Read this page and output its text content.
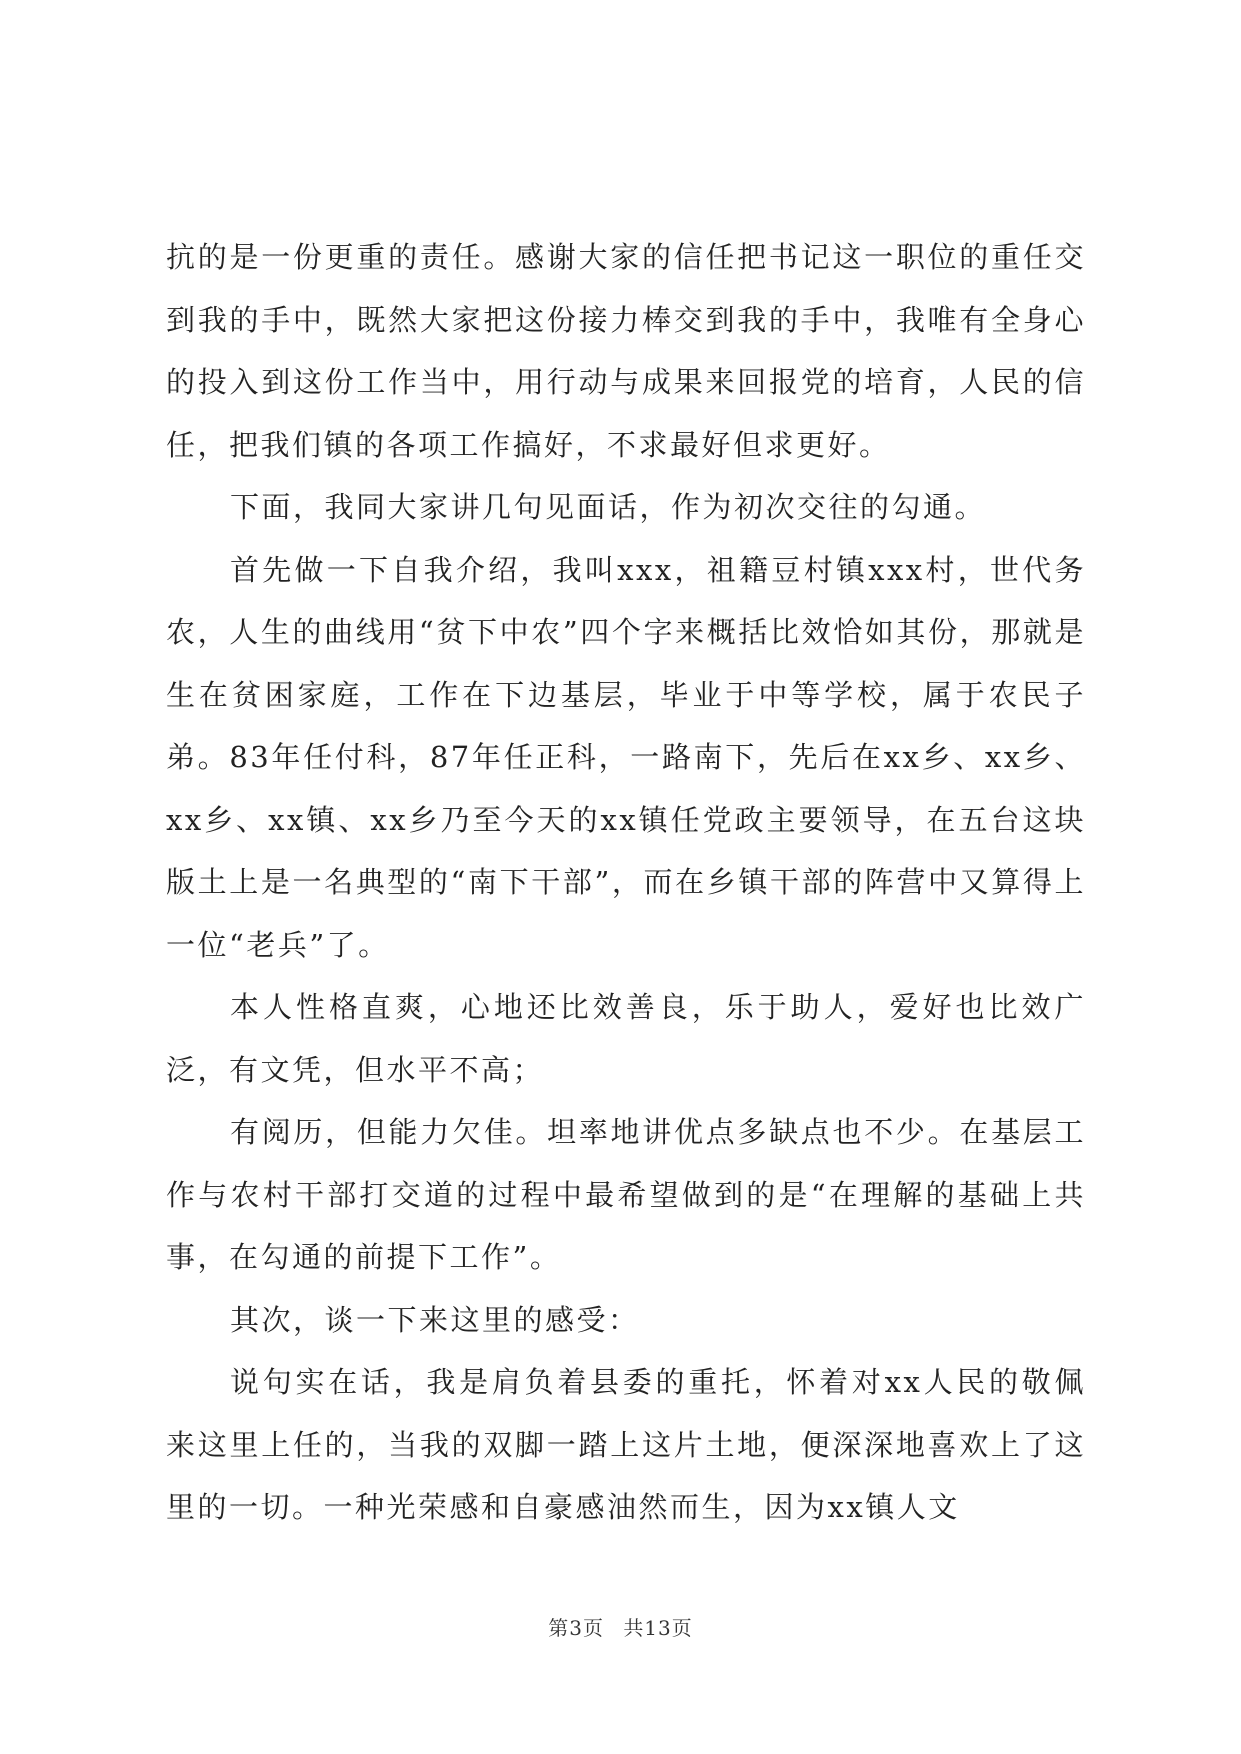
抗的是一份更重的责任。感谢大家的信任把书记这一职位的重任交到我的手中，既然大家把这份接力棒交到我的手中，我唯有全身心的投入到这份工作当中，用行动与成果来回报党的培育，人民的信任，把我们镇的各项工作搞好，不求最好但求更好。

下面，我同大家讲几句见面话，作为初次交往的勾通。

首先做一下自我介绍，我叫xxx，祖籍豆村镇xxx村，世代务农，人生的曲线用“贫下中农”四个字来概括比效恰如其份，那就是生在贫困家庭，工作在下边基层，毕业于中等学校，属于农民子弟。83年任付科，87年任正科，一路南下，先后在xx乡、xx乡、xx乡、xx镇、xx乡乃至今天的xx镇任党政主要领导，在五台这块版土上是一名典型的“南下干部”，而在乡镇干部的阵营中又算得上一位“老兵”了。

本人性格直爽，心地还比效善良，乐于助人，爱好也比效广泛，有文凭，但水平不高；

有阅历，但能力欠佳。坦率地讲优点多缺点也不少。在基层工作与农村干部打交道的过程中最希望做到的是“在理解的基础上共事，在勾通的前提下工作”。

其次，谈一下来这里的感受：

说句实在话，我是肩负着县委的重托，怀着对xx人民的敬佩来这里上任的，当我的双脚一踏上这片土地，便深深地喜欢上了这里的一切。一种光荣感和自豪感油然而生，因为xx镇人文

第3页 共13页
